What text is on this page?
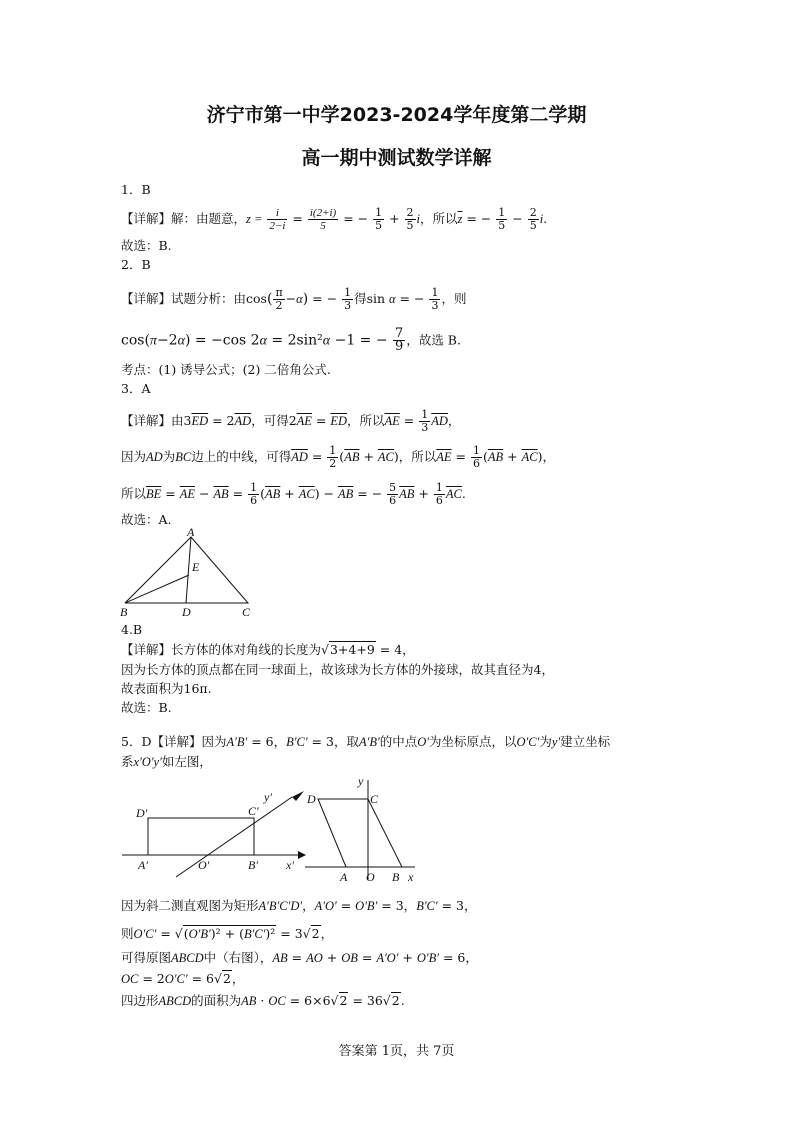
济宁市第一中学2023-2024学年度第二学期
高一期中测试数学详解
1．B
【详解】解：由题意，$z = \frac{i}{2-i} = \frac{i(2+i)}{5}$ = − $\frac{1}{5} + \frac{2}{5}$ i，所以$\overline{z}$ = − $\frac{1}{5} - \frac{2}{5} i$.
故选：B.
2．B
【详解】试题分析：由$\cos( \frac{\pi}{2} -\alpha)$ = − $\frac{1}{3}$ 得sin α = − $\frac{1}{3}$ ，则
cos(π−2α) = −cos 2α = 2sin²α −1 = − $\frac{7}{9}$ ，故选 B.
考点：(1) 诱导公式；(2) 二倍角公式.
3．A
【详解】由$3\overline{ED} = 2\overline{AD}$，可得$2\overline{AE} = \overline{ED}$，所以$\overline{AE} = \frac{1}{3} \overline{AD}$，
因为AD为BC边上的中线，可得$\overline{AD} = \frac{1}{2} (\overline{AB} + \overline{AC})$，所以$\overline{AE} = \frac{1}{6} (\overline{AB} + \overline{AC})$，
所以$\overline{BE} = \overline{AE} - \overline{AB} = \frac{1}{6} (\overline{AB} + \overline{AC}) - \overline{AB}$ = − $\frac{5}{6} \overline{AB} + \frac{1}{6} \overline{AC}$.
故选：A.
A
E
B	D	C
4.B
【详解】长方体的体对角线的长度为√3+4+9 = 4，
因为长方体的顶点都在同一球面上，故该球为长方体的外接球，故其直径为4，
故表面积为16π.
故选：B.
5．D【详解】因为A′B′ = 6，B′C′ = 3，取A′B′的中点O′为坐标原点，以O′C′为y′建立坐标
系x′O′y′如左图，
D′	C′
y′
A′	O′	B′ x′
y
D	C
A O B x
因为斜二测直观图为矩形A′B′C′D′，A′O′ = O′B′ = 3，B′C′ = 3，
则O′C′ = √(O′B′)² + (B′C′)² = 3√2，
可得原图ABCD中（右图），AB = AO + OB = A′O′ + O′B′ = 6，
OC = 2O′C′ = 6√2，
四边形ABCD的面积为AB · OC = 6×6√2 = 36√2.
答案第 1页，共 7页
